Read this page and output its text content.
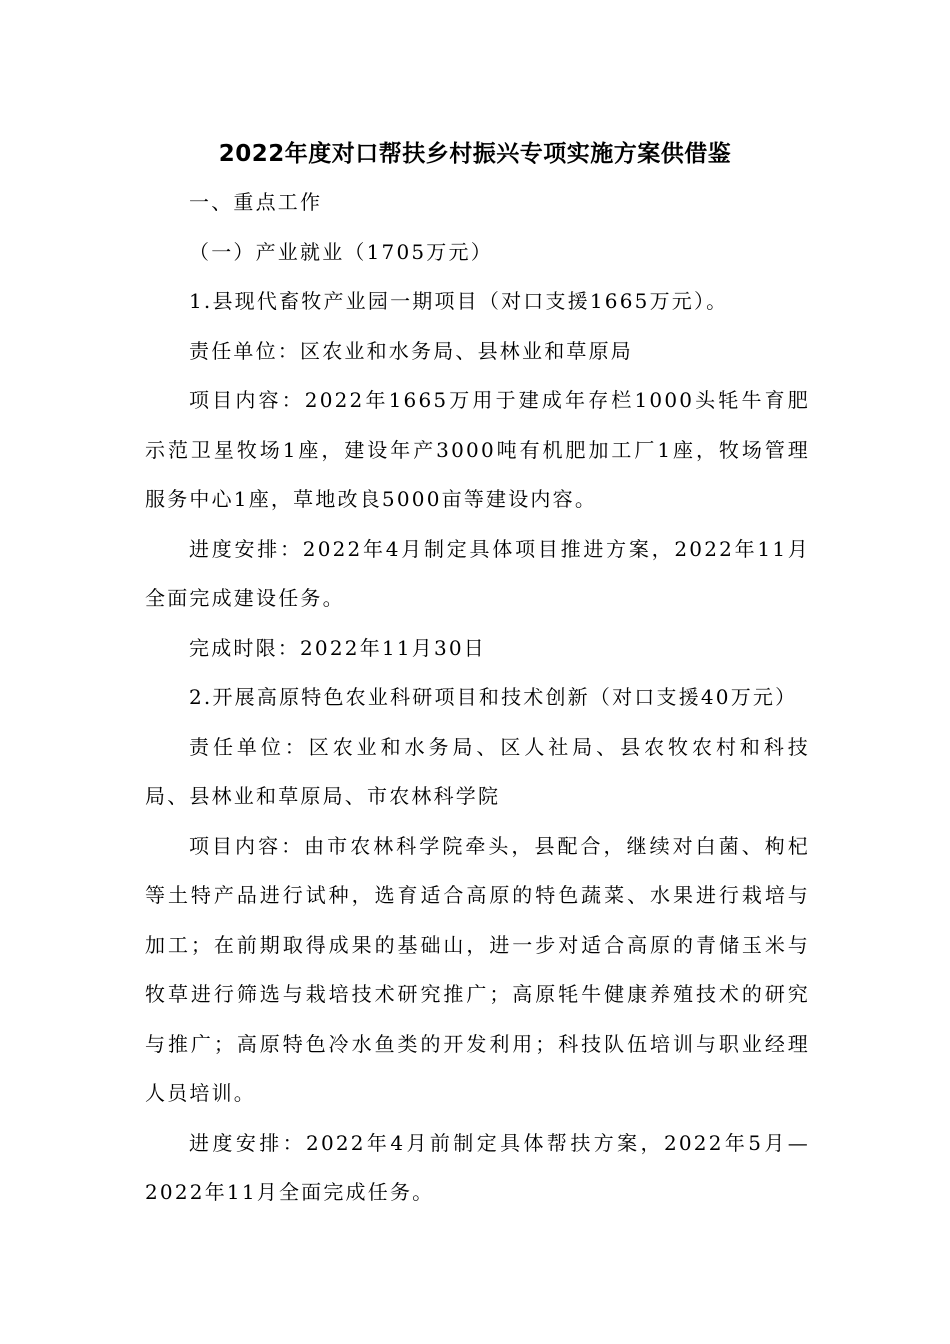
2022年度对口帮扶乡村振兴专项实施方案供借鉴

一、重点工作

（一）产业就业（1705万元）

1.县现代畜牧产业园一期项目（对口支援1665万元）。

责任单位：区农业和水务局、县林业和草原局

项目内容：2022年1665万用于建成年存栏1000头牦牛育肥示范卫星牧场1座，建设年产3000吨有机肥加工厂1座，牧场管理服务中心1座，草地改良5000亩等建设内容。

进度安排：2022年4月制定具体项目推进方案，2022年11月全面完成建设任务。

完成时限：2022年11月30日

2.开展高原特色农业科研项目和技术创新（对口支援40万元）

责任单位：区农业和水务局、区人社局、县农牧农村和科技局、县林业和草原局、市农林科学院

项目内容：由市农林科学院牵头，县配合，继续对白菌、枸杞等土特产品进行试种，选育适合高原的特色蔬菜、水果进行栽培与加工；在前期取得成果的基础山，进一步对适合高原的青储玉米与牧草进行筛选与栽培技术研究推广；高原牦牛健康养殖技术的研究与推广；高原特色冷水鱼类的开发利用；科技队伍培训与职业经理人员培训。

进度安排：2022年4月前制定具体帮扶方案，2022年5月—2022年11月全面完成任务。
